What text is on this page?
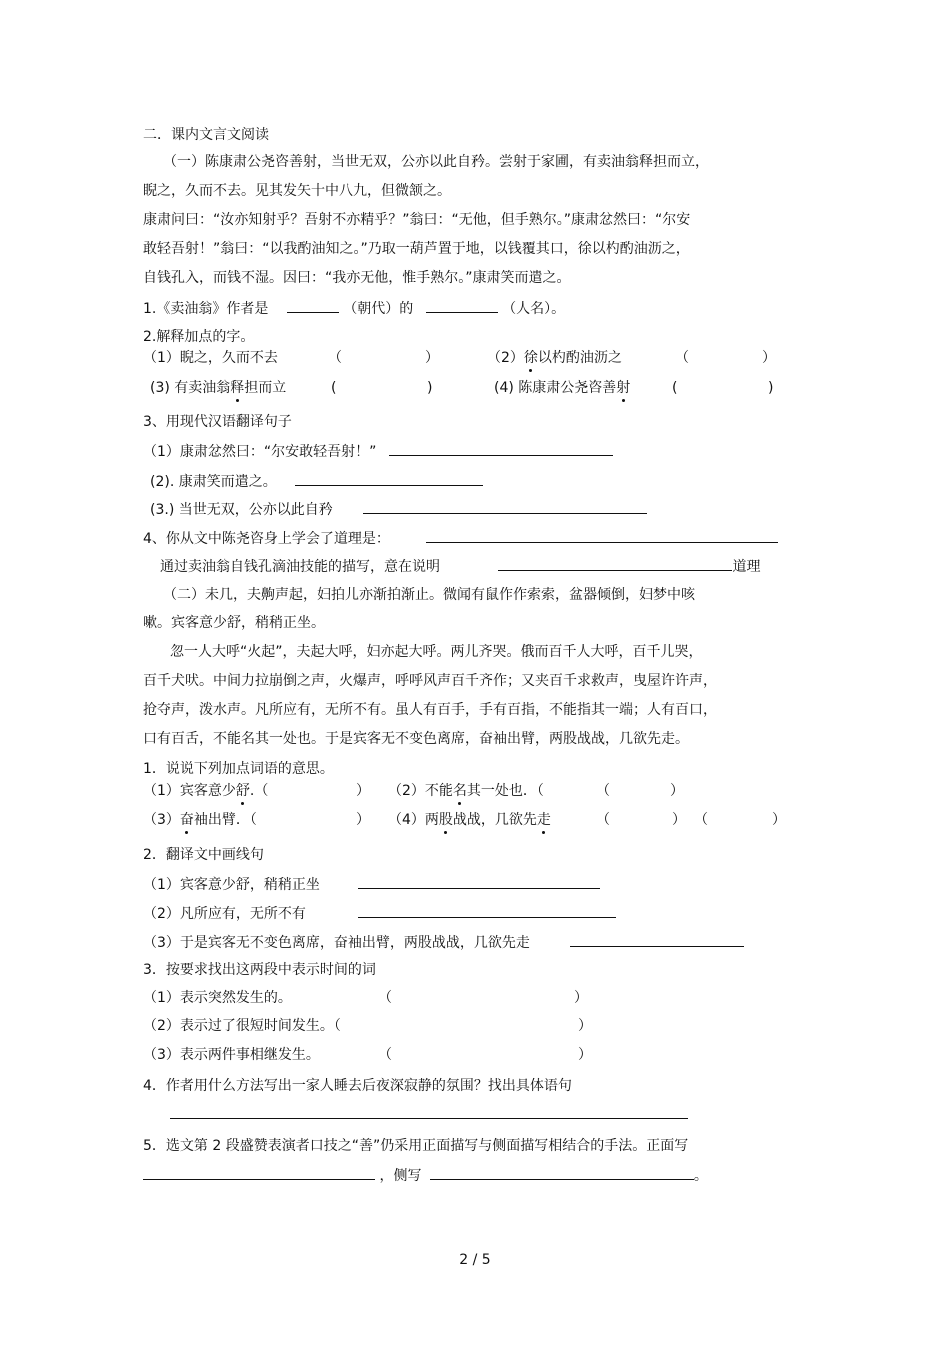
二．课内文言文阅读
（一）陈康肃公尧咨善射，当世无双，公亦以此自矜。尝射于家圃，有卖油翁释担而立，
睨之，久而不去。见其发矢十中八九，但微颔之。
康肃问曰：“汝亦知射乎？吾射不亦精乎？”翁曰：“无他，但手熟尔。”康肃忿然曰：“尔安
敢轻吾射！”翁曰：“以我酌油知之。”乃取一葫芦置于地，以钱覆其口，徐以杓酌油沥之，
自钱孔入，而钱不湿。因曰：“我亦无他，惟手熟尔。”康肃笑而遣之。
1.《卖油翁》作者是	（朝代）的	（人名）。
2.解释加点的字。
（1）睨之，久而不去	（	）	（2）徐以杓酌油沥之	（	）
(3) 有卖油翁释担而立	(	)	(4) 陈康肃公尧咨善射	(	)
3、用现代汉语翻译句子
（1）康肃忿然曰：“尔安敢轻吾射！”
(2). 康肃笑而遣之。
(3.) 当世无双，公亦以此自矜
4、你从文中陈尧咨身上学会了道理是：
通过卖油翁自钱孔滴油技能的描写，意在说明	道理
（二）未几，夫齁声起，妇拍儿亦渐拍渐止。微闻有鼠作作索索，盆器倾倒，妇梦中咳
嗽。宾客意少舒，稍稍正坐。
忽一人大呼“火起”，夫起大呼，妇亦起大呼。两儿齐哭。俄而百千人大呼，百千儿哭，
百千犬吠。中间力拉崩倒之声，火爆声，呼呼风声百千齐作；又夹百千求救声，曳屋许许声，
抢夺声，泼水声。凡所应有，无所不有。虽人有百手，手有百指，不能指其一端；人有百口，
口有百舌，不能名其一处也。于是宾客无不变色离席，奋袖出臂，两股战战，几欲先走。
1．说说下列加点词语的意思。
（1）宾客意少舒.（	） （2）不能名其一处也．（	（	）
（3）奋袖出臂．（	） （4）两股战战，几欲先走	（	） （	）
2．翻译文中画线句
（1）宾客意少舒，稍稍正坐
（2）凡所应有，无所不有
（3）于是宾客无不变色离席，奋袖出臂，两股战战，几欲先走
3．按要求找出这两段中表示时间的词
（1）表示突然发生的。	（	）
（2）表示过了很短时间发生。（	）
（3）表示两件事相继发生。	（	）
4．作者用什么方法写出一家人睡去后夜深寂静的氛围？找出具体语句
5．选文第 2 段盛赞表演者口技之“善”仍采用正面描写与侧面描写相结合的手法。正面写
，侧写	。
2 / 5
